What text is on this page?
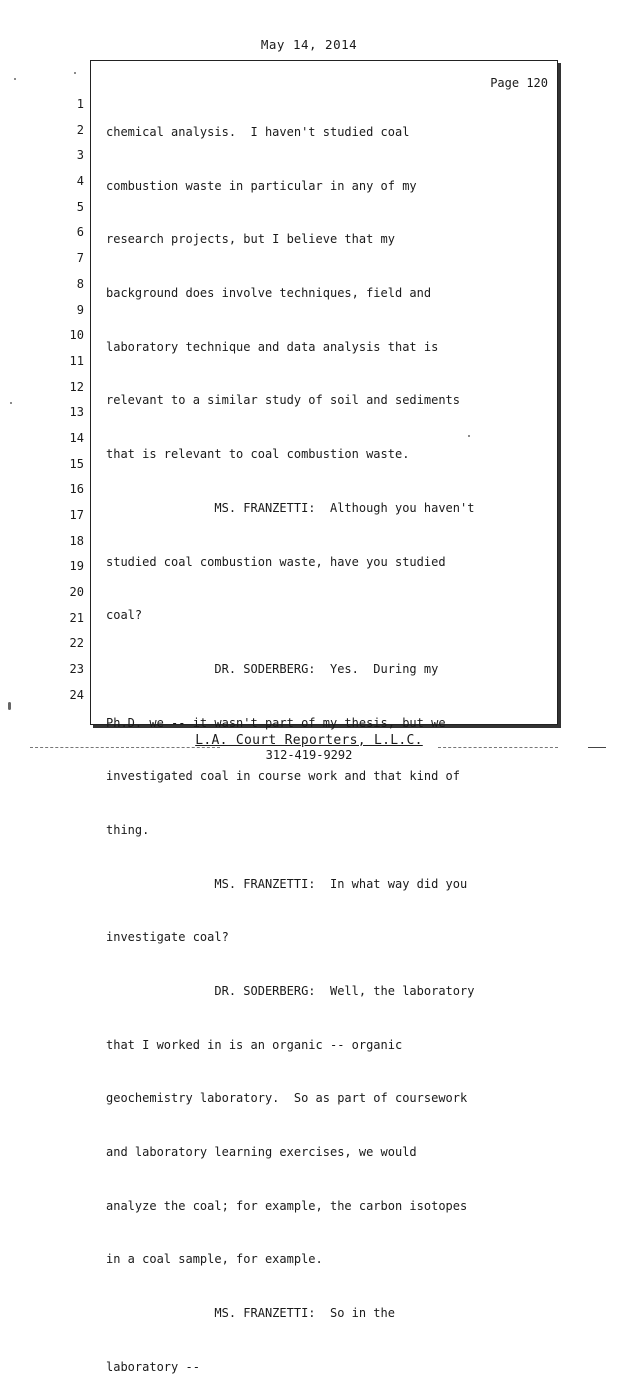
May 14, 2014
Page 120
1
2
3
4
5
6
7
8
9
10
11
12
13
14
15
16
17
18
19
20
21
22
23
24

chemical analysis.  I haven't studied coal

combustion waste in particular in any of my

research projects, but I believe that my

background does involve techniques, field and

laboratory technique and data analysis that is

relevant to a similar study of soil and sediments

that is relevant to coal combustion waste.

MS. FRANZETTI:  Although you haven't

studied coal combustion waste, have you studied

coal?

DR. SODERBERG:  Yes.  During my

Ph.D. we -- it wasn't part of my thesis, but we

investigated coal in course work and that kind of

thing.

MS. FRANZETTI:  In what way did you

investigate coal?

DR. SODERBERG:  Well, the laboratory

that I worked in is an organic -- organic

geochemistry laboratory.  So as part of coursework

and laboratory learning exercises, we would

analyze the coal; for example, the carbon isotopes

in a coal sample, for example.

MS. FRANZETTI:  So in the

laboratory --

L.A. Court Reporters, L.L.C.
312-419-9292
